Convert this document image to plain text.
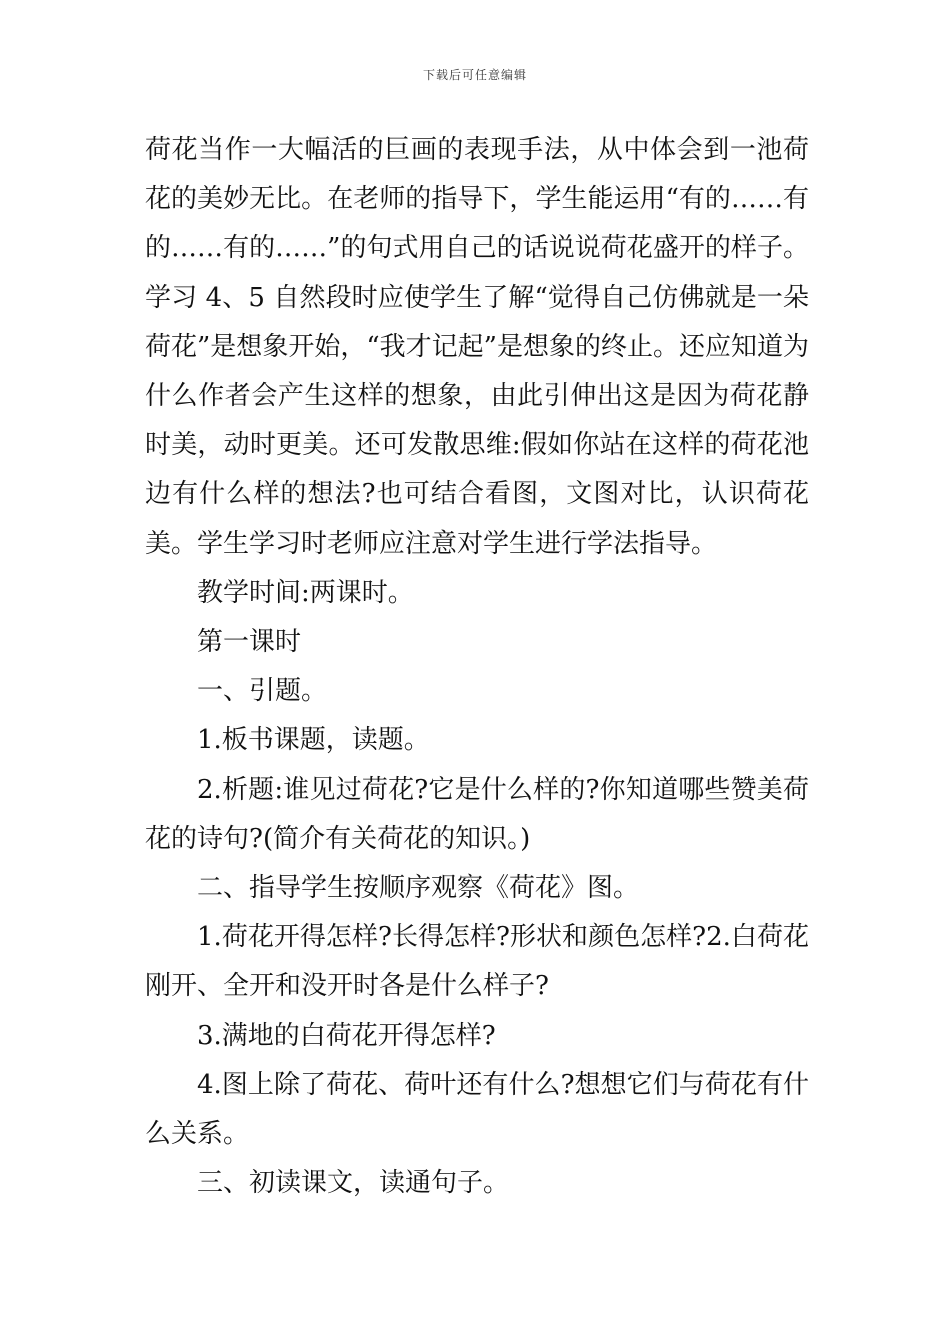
下载后可任意编辑

荷花当作一大幅活的巨画的表现手法，从中体会到一池荷花的美妙无比。在老师的指导下，学生能运用“有的……有的……有的……”的句式用自己的话说说荷花盛开的样子。学习 4、5 自然段时应使学生了解“觉得自己仿佛就是一朵荷花”是想象开始，“我才记起”是想象的终止。还应知道为什么作者会产生这样的想象，由此引伸出这是因为荷花静时美，动时更美。还可发散思维:假如你站在这样的荷花池边有什么样的想法?也可结合看图，文图对比，认识荷花美。学生学习时老师应注意对学生进行学法指导。

教学时间:两课时。

第一课时

一、引题。

1.板书课题，读题。

2.析题:谁见过荷花?它是什么样的?你知道哪些赞美荷花的诗句?(简介有关荷花的知识。)

二、指导学生按顺序观察《荷花》图。

1.荷花开得怎样?长得怎样?形状和颜色怎样?2.白荷花刚开、全开和没开时各是什么样子?

3.满地的白荷花开得怎样?

4.图上除了荷花、荷叶还有什么?想想它们与荷花有什么关系。

三、初读课文，读通句子。
